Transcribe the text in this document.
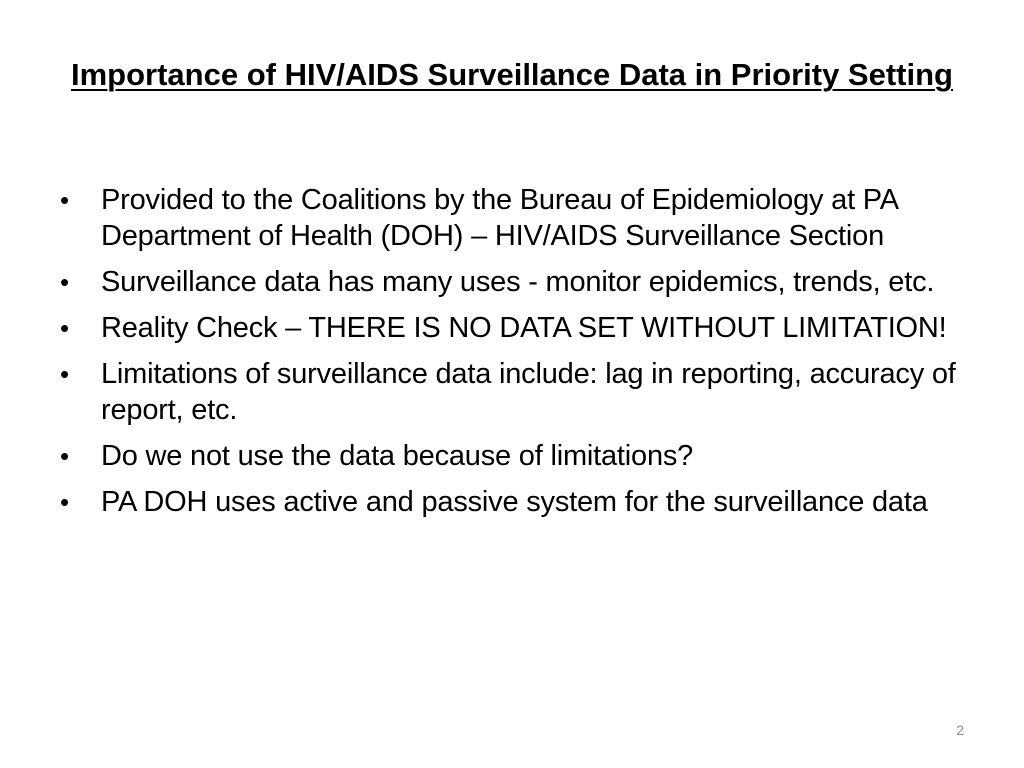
Importance of HIV/AIDS Surveillance Data in Priority Setting
• Provided to the Coalitions by the Bureau of Epidemiology at PA Department of Health (DOH) – HIV/AIDS Surveillance Section
• Surveillance data has many uses - monitor epidemics, trends, etc.
• Reality Check – THERE IS NO DATA SET WITHOUT LIMITATION!
• Limitations of surveillance data include: lag in reporting, accuracy of report, etc.
• Do we not use the data because of limitations?
• PA DOH uses active and passive system for the surveillance data
2
